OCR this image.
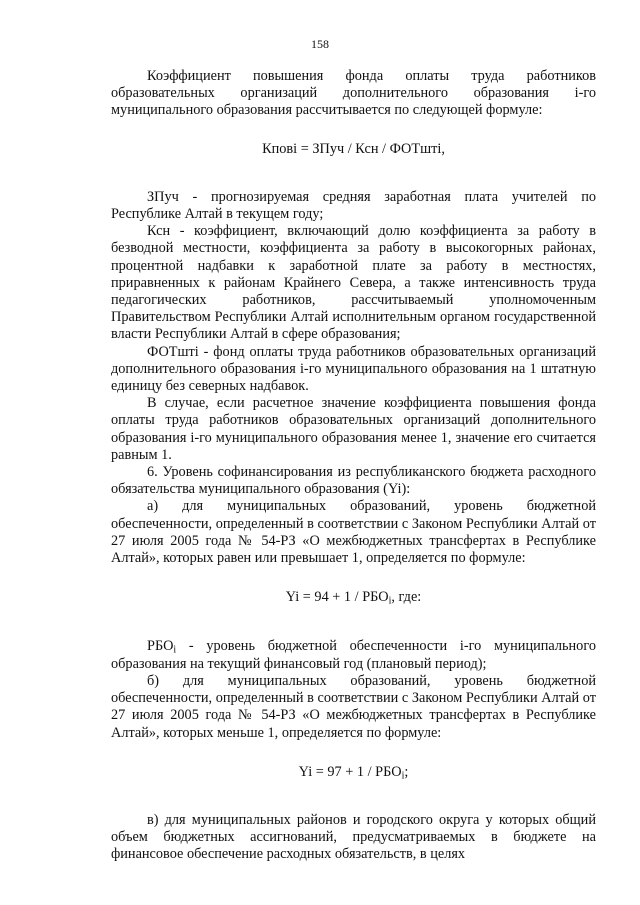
158

Коэффициент повышения фонда оплаты труда работников образовательных организаций дополнительного образования i-го муниципального образования рассчитывается по следующей формуле:

Кпові = ЗПуч / Ксн / ФОТшті,

ЗПуч - прогнозируемая средняя заработная плата учителей по Республике Алтай в текущем году;

Ксн - коэффициент, включающий долю коэффициента за работу в безводной местности, коэффициента за работу в высокогорных районах, процентной надбавки к заработной плате за работу в местностях, приравненных к районам Крайнего Севера, а также интенсивность труда педагогических работников, рассчитываемый уполномоченным Правительством Республики Алтай исполнительным органом государственной власти Республики Алтай в сфере образования;

ФОТшті - фонд оплаты труда работников образовательных организаций дополнительного образования i-го муниципального образования на 1 штатную единицу без северных надбавок.

В случае, если расчетное значение коэффициента повышения фонда оплаты труда работников образовательных организаций дополнительного образования i-го муниципального образования менее 1, значение его считается равным 1.

6. Уровень софинансирования из республиканского бюджета расходного обязательства муниципального образования (Yi):

а) для муниципальных образований, уровень бюджетной обеспеченности, определенный в соответствии с Законом Республики Алтай от 27 июля 2005 года № 54-РЗ «О межбюджетных трансфертах в Республике Алтай», которых равен или превышает 1, определяется по формуле:

$Yi = 94 + 1 / РБО_i$, где:

$РБО_i$ - уровень бюджетной обеспеченности i-го муниципального образования на текущий финансовый год (плановый период);

б) для муниципальных образований, уровень бюджетной обеспеченности, определенный в соответствии с Законом Республики Алтай от 27 июля 2005 года № 54-РЗ «О межбюджетных трансфертах в Республике Алтай», которых меньше 1, определяется по формуле:

$Yi = 97 + 1 / РБО_i$;

в) для муниципальных районов и городского округа у которых общий объем бюджетных ассигнований, предусматриваемых в бюджете на финансовое обеспечение расходных обязательств, в целях
